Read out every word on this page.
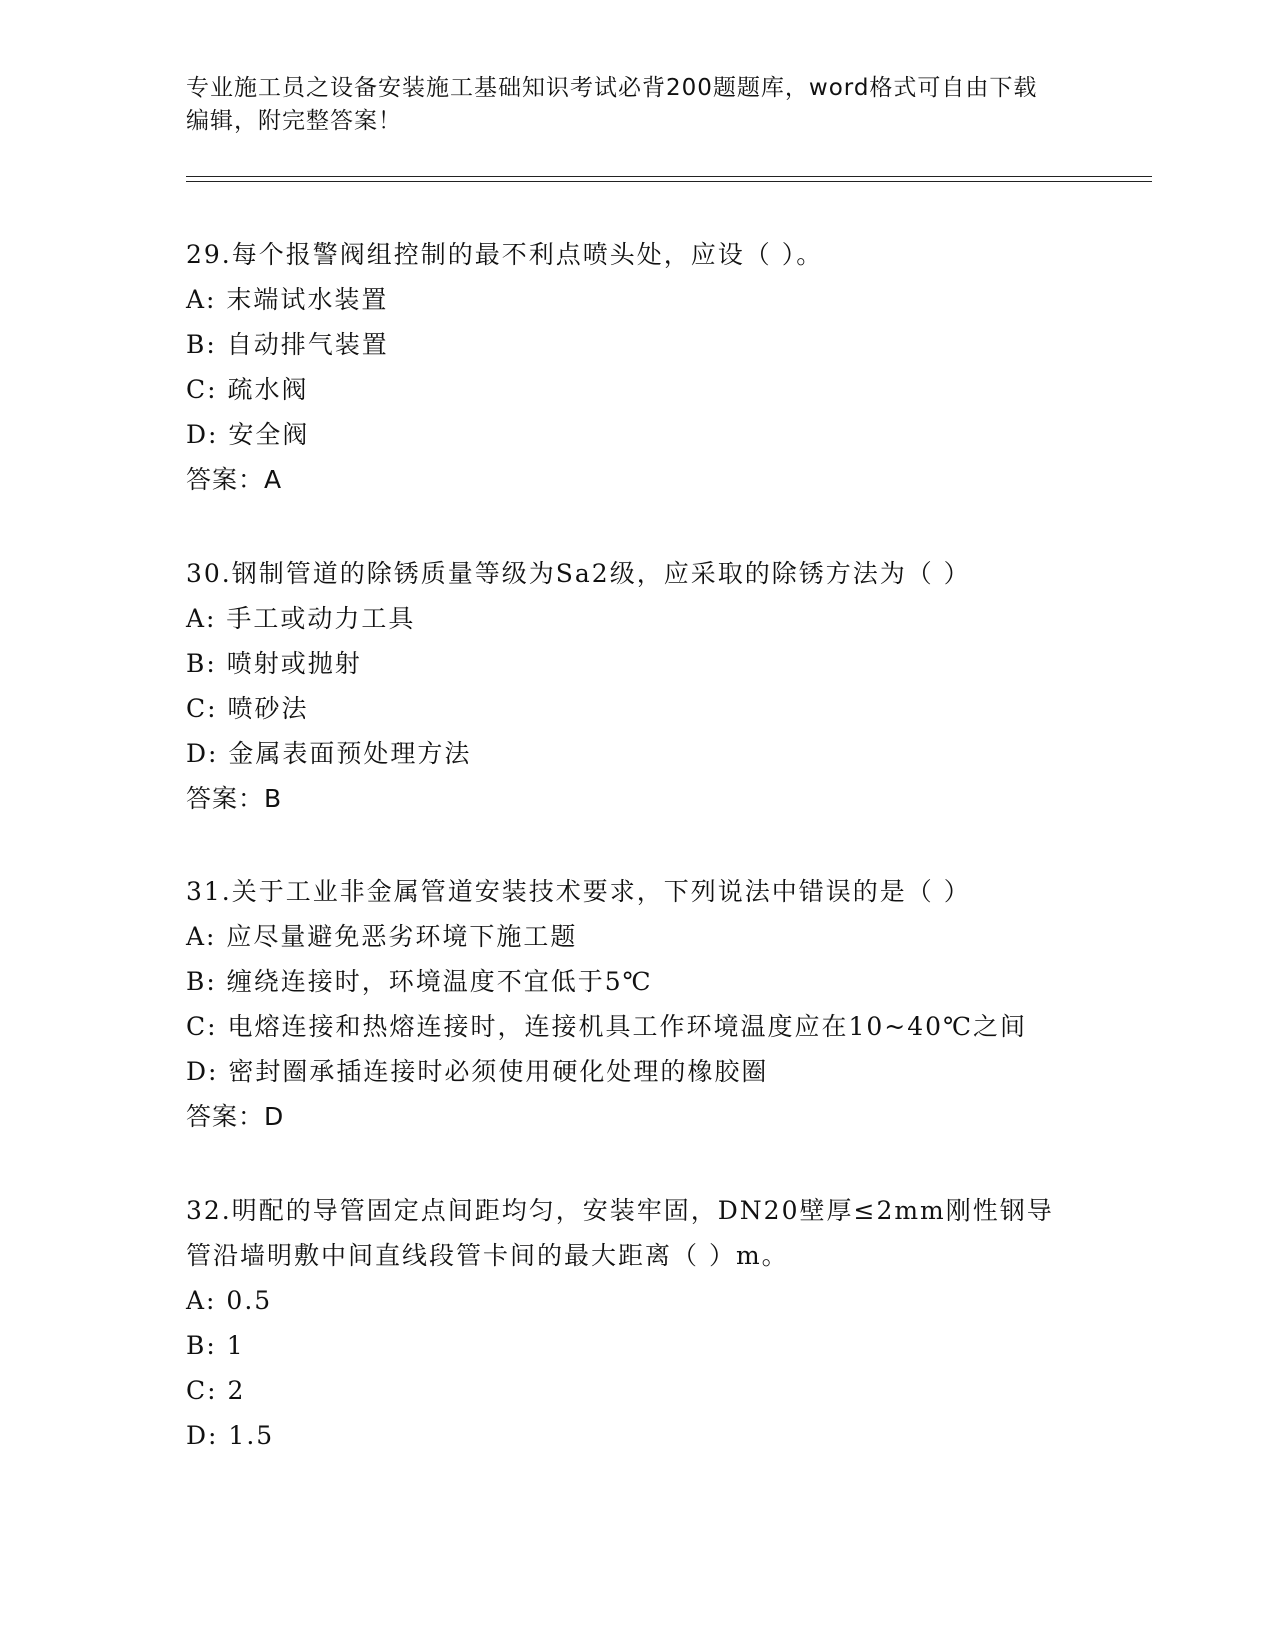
专业施工员之设备安装施工基础知识考试必背200题题库，word格式可自由下载
编辑，附完整答案！
29.每个报警阀组控制的最不利点喷头处，应设（ ）。
A: 末端试水装置
B: 自动排气装置
C: 疏水阀
D: 安全阀
答案：A
30.钢制管道的除锈质量等级为Sa2级，应采取的除锈方法为（ ）
A: 手工或动力工具
B: 喷射或抛射
C: 喷砂法
D: 金属表面预处理方法
答案：B
31.关于工业非金属管道安装技术要求，下列说法中错误的是（ ）
A: 应尽量避免恶劣环境下施工题
B: 缠绕连接时，环境温度不宜低于5℃
C: 电熔连接和热熔连接时，连接机具工作环境温度应在10~40℃之间
D: 密封圈承插连接时必须使用硬化处理的橡胶圈
答案：D
32.明配的导管固定点间距均匀，安装牢固，DN20壁厚≤2mm刚性钢导
管沿墙明敷中间直线段管卡间的最大距离（ ）m。
A: 0.5
B: 1
C: 2
D: 1.5
